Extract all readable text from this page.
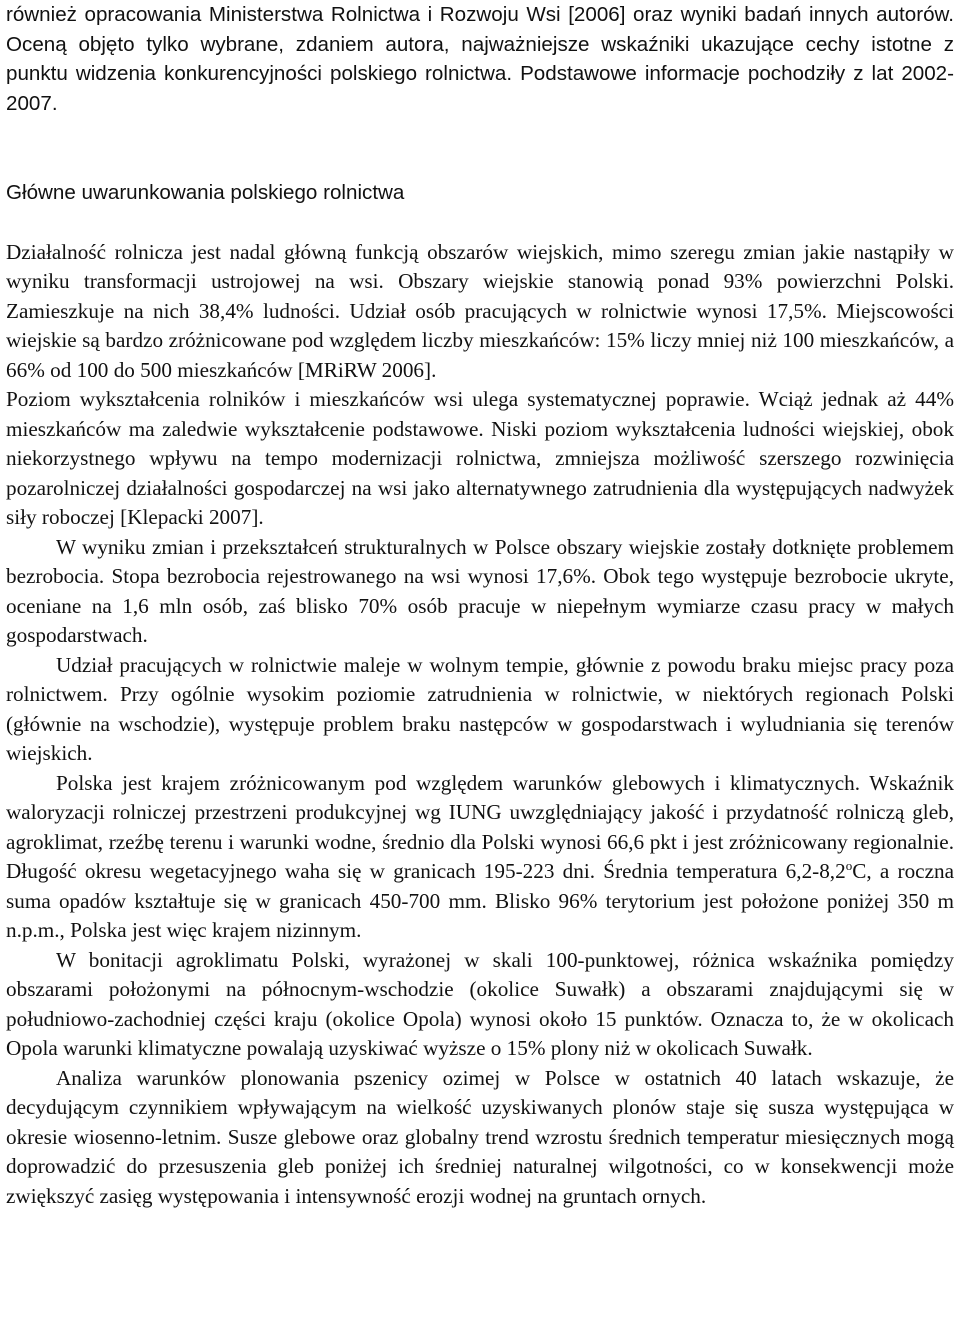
również opracowania Ministerstwa Rolnictwa i Rozwoju Wsi [2006] oraz wyniki badań innych autorów. Oceną objęto tylko wybrane, zdaniem autora, najważniejsze wskaźniki ukazujące cechy istotne z punktu widzenia konkurencyjności polskiego rolnictwa. Podstawowe informacje pochodziły z lat 2002-2007.

Główne uwarunkowania polskiego rolnictwa

Działalność rolnicza jest nadal główną funkcją obszarów wiejskich, mimo szeregu zmian jakie nastąpiły w wyniku transformacji ustrojowej na wsi. Obszary wiejskie stanowią ponad 93% powierzchni Polski. Zamieszkuje na nich 38,4% ludności. Udział osób pracujących w rolnictwie wynosi 17,5%. Miejscowości wiejskie są bardzo zróżnicowane pod względem liczby mieszkańców: 15% liczy mniej niż 100 mieszkańców, a 66% od 100 do 500 mieszkańców [MRiRW 2006].

Poziom wykształcenia rolników i mieszkańców wsi ulega systematycznej poprawie. Wciąż jednak aż 44% mieszkańców ma zaledwie wykształcenie podstawowe. Niski poziom wykształcenia ludności wiejskiej, obok niekorzystnego wpływu na tempo modernizacji rolnictwa, zmniejsza możliwość szerszego rozwinięcia pozarolniczej działalności gospodarczej na wsi jako alternatywnego zatrudnienia dla występujących nadwyżek siły roboczej [Klepacki 2007].

W wyniku zmian i przekształceń strukturalnych w Polsce obszary wiejskie zostały dotknięte problemem bezrobocia. Stopa bezrobocia rejestrowanego na wsi wynosi 17,6%. Obok tego występuje bezrobocie ukryte, oceniane na 1,6 mln osób, zaś blisko 70% osób pracuje w niepełnym wymiarze czasu pracy w małych gospodarstwach.

Udział pracujących w rolnictwie maleje w wolnym tempie, głównie z powodu braku miejsc pracy poza rolnictwem. Przy ogólnie wysokim poziomie zatrudnienia w rolnictwie, w niektórych regionach Polski (głównie na wschodzie), występuje problem braku następców w gospodarstwach i wyludniania się terenów wiejskich.

Polska jest krajem zróżnicowanym pod względem warunków glebowych i klimatycznych. Wskaźnik waloryzacji rolniczej przestrzeni produkcyjnej wg IUNG uwzględniający jakość i przydatność rolniczą gleb, agroklimat, rzeźbę terenu i warunki wodne, średnio dla Polski wynosi 66,6 pkt i jest zróżnicowany regionalnie. Długość okresu wegetacyjnego waha się w granicach 195-223 dni. Średnia temperatura 6,2-8,2$^o$C, a roczna suma opadów kształtuje się w granicach 450-700 mm. Blisko 96% terytorium jest położone poniżej 350 m n.p.m., Polska jest więc krajem nizinnym.

W bonitacji agroklimatu Polski, wyrażonej w skali 100-punktowej, różnica wskaźnika pomiędzy obszarami położonymi na północnym-wschodzie (okolice Suwałk) a obszarami znajdującymi się w południowo-zachodniej części kraju (okolice Opola) wynosi około 15 punktów. Oznacza to, że w okolicach Opola warunki klimatyczne powalają uzyskiwać wyższe o 15% plony niż w okolicach Suwałk.

Analiza warunków plonowania pszenicy ozimej w Polsce w ostatnich 40 latach wskazuje, że decydującym czynnikiem wpływającym na wielkość uzyskiwanych plonów staje się susza występująca w okresie wiosenno-letnim. Susze glebowe oraz globalny trend wzrostu średnich temperatur miesięcznych mogą doprowadzić do przesuszenia gleb poniżej ich średniej naturalnej wilgotności, co w konsekwencji może zwiększyć zasięg występowania i intensywność erozji wodnej na gruntach ornych.
